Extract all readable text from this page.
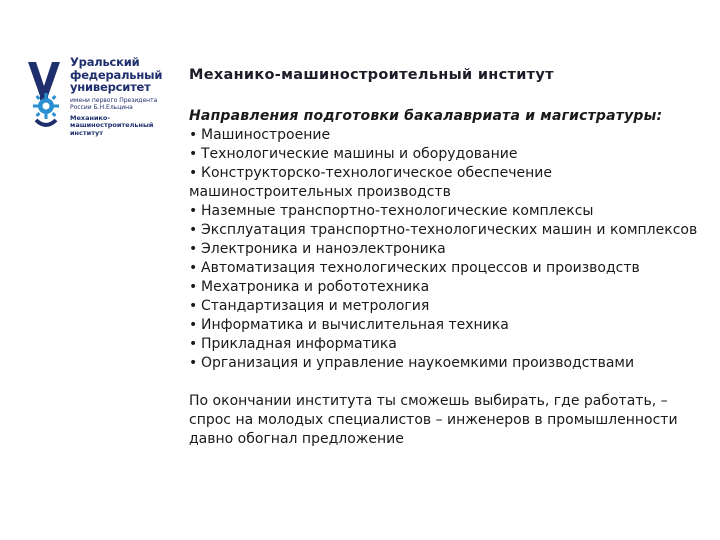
Уральский
федеральный
университет
имени первого Президента
России Б.Н.Ельцина
Механико-
машиностроительный
институт
Механико-машиностроительный институт
Направления подготовки бакалавриата и магистратуры:
• Машиностроение
• Технологические машины и оборудование
• Конструкторско-технологическое обеспечение машиностроительных производств
• Наземные транспортно-технологические комплексы
• Эксплуатация транспортно-технологических машин и комплексов
• Электроника и наноэлектроника
• Автоматизация технологических процессов и производств
• Мехатроника и робототехника
• Стандартизация и метрология
• Информатика и вычислительная техника
• Прикладная информатика
• Организация и управление наукоемкими производствами
По окончании института ты сможешь выбирать, где работать, – спрос на молодых специалистов – инженеров в промышленности давно обогнал предложение
